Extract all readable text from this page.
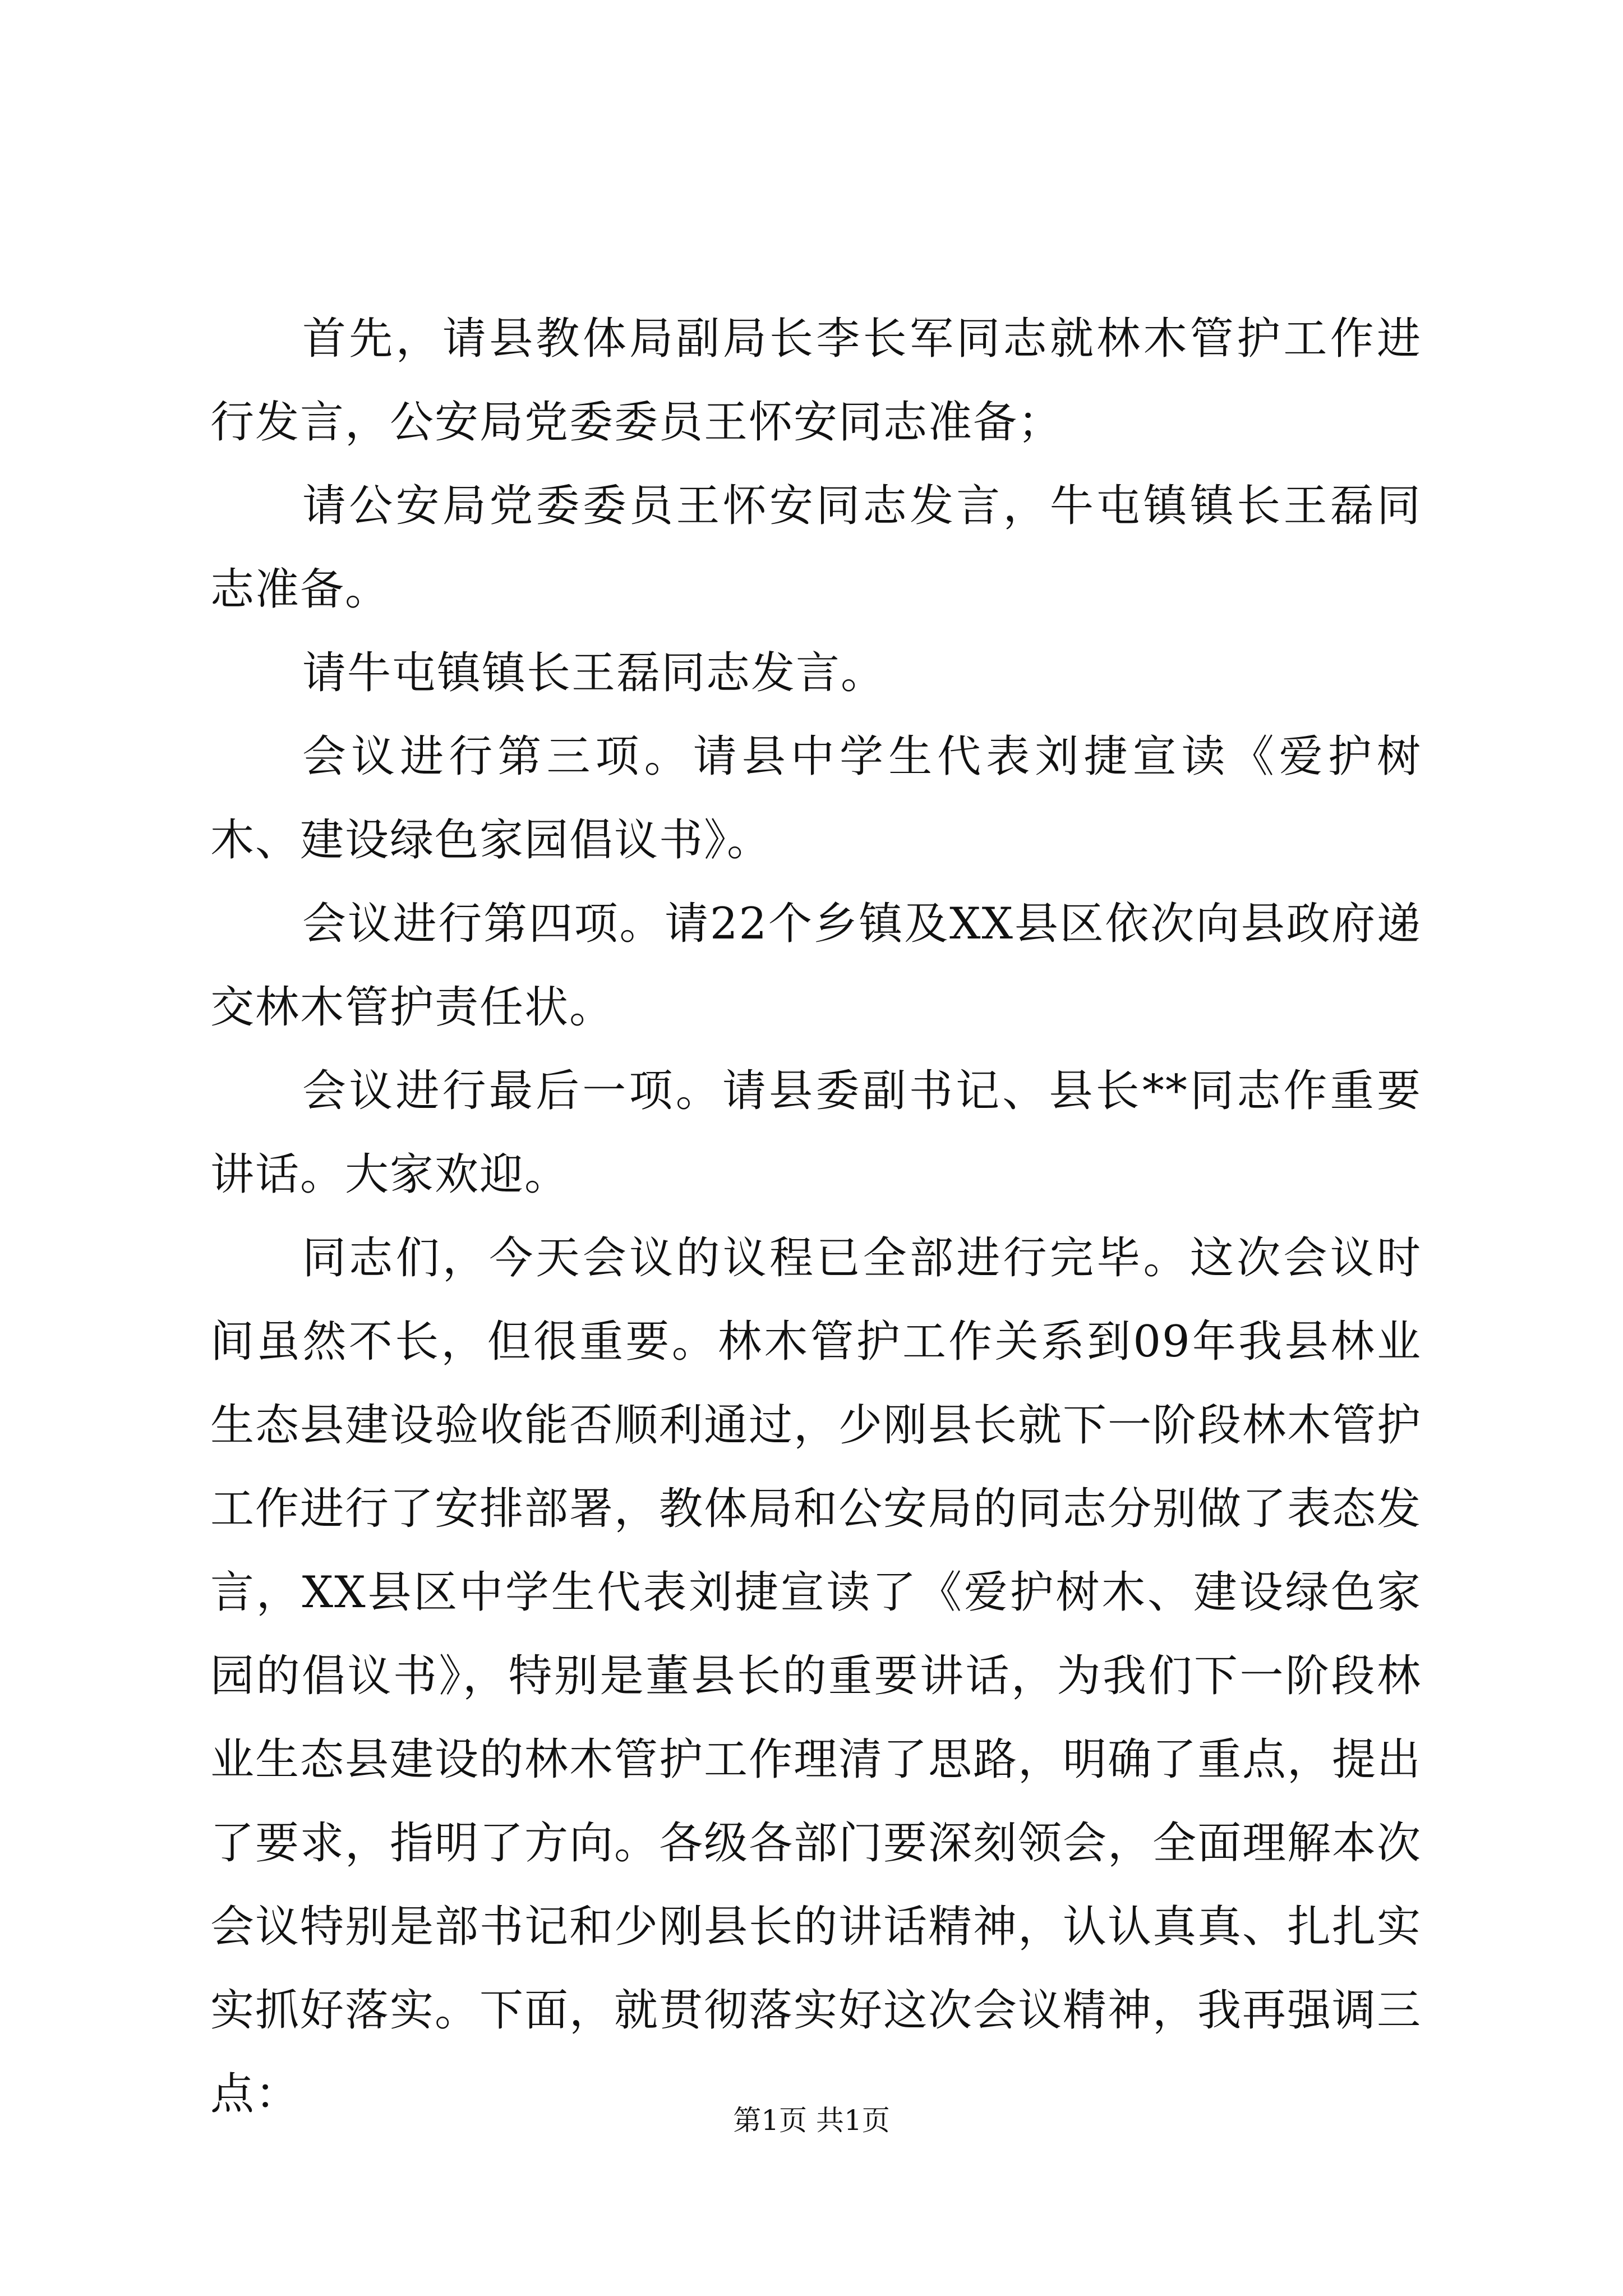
首先，请县教体局副局长李长军同志就林木管护工作进行发言，公安局党委委员王怀安同志准备；

请公安局党委委员王怀安同志发言，牛屯镇镇长王磊同志准备。

请牛屯镇镇长王磊同志发言。

会议进行第三项。请县中学生代表刘捷宣读《爱护树木、建设绿色家园倡议书》。

会议进行第四项。请22个乡镇及XX县区依次向县政府递交林木管护责任状。

会议进行最后一项。请县委副书记、县长**同志作重要讲话。大家欢迎。

同志们，今天会议的议程已全部进行完毕。这次会议时间虽然不长，但很重要。林木管护工作关系到09年我县林业生态县建设验收能否顺利通过，少刚县长就下一阶段林木管护工作进行了安排部署，教体局和公安局的同志分别做了表态发言，XX县区中学生代表刘捷宣读了《爱护树木、建设绿色家园的倡议书》，特别是董县长的重要讲话，为我们下一阶段林业生态县建设的林木管护工作理清了思路，明确了重点，提出了要求，指明了方向。各级各部门要深刻领会，全面理解本次会议特别是部书记和少刚县长的讲话精神，认认真真、扎扎实实抓好落实。下面，就贯彻落实好这次会议精神，我再强调三点：

第1页 共1页
